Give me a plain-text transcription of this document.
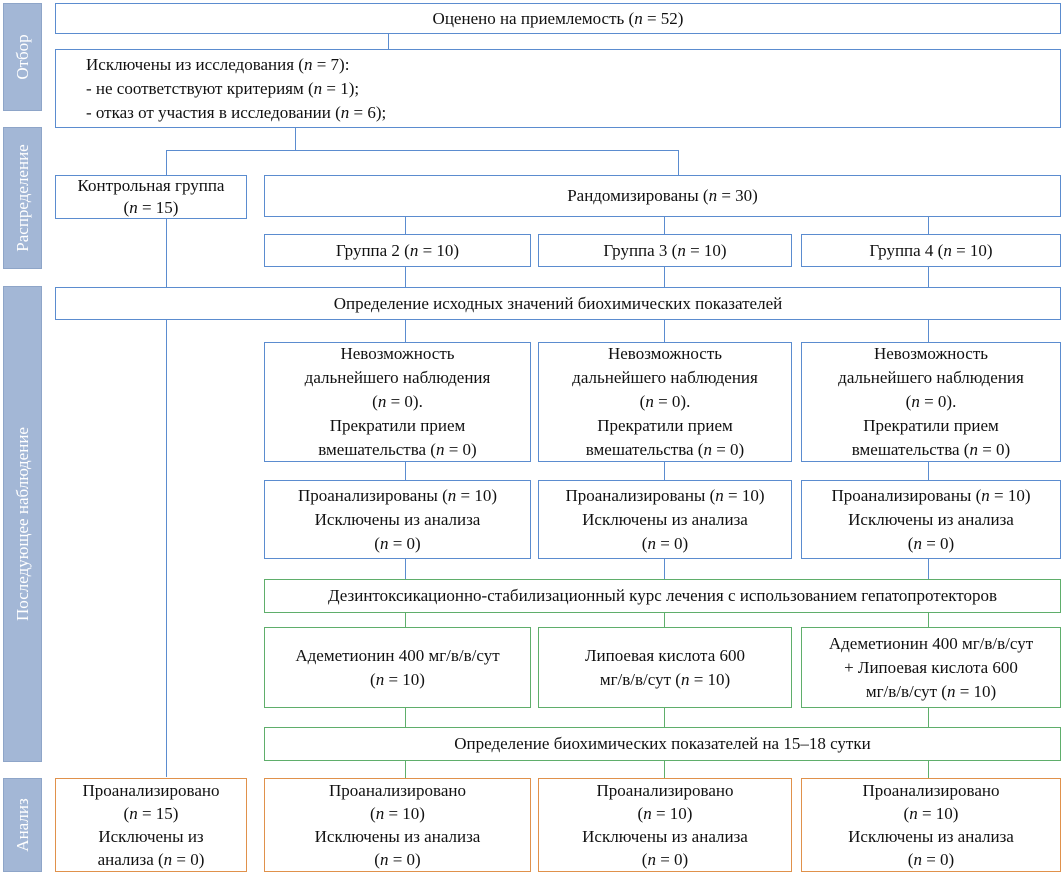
Отбор
Распределение
Последующее наблюдение
Анализ
Оценено на приемлемость (n = 52)
Исключены из исследования (n = 7):
- не соответствуют критериям (n = 1);
- отказ от участия в исследовании (n = 6);
Контрольная группа
(n = 15)
Рандомизированы (n = 30)
Группа 2 (n = 10)	Группа 3 (n = 10)	Группа 4 (n = 10)
Определение исходных значений биохимических показателей
Невозможность
дальнейшего наблюдения
(n = 0).
Прекратили прием
вмешательства (n = 0)
Невозможность
дальнейшего наблюдения
(n = 0).
Прекратили прием
вмешательства (n = 0)
Невозможность
дальнейшего наблюдения
(n = 0).
Прекратили прием
вмешательства (n = 0)
Проанализированы (n = 10)
Исключены из анализа
(n = 0)
Проанализированы (n = 10)
Исключены из анализа
(n = 0)
Проанализированы (n = 10)
Исключены из анализа
(n = 0)
Дезинтоксикационно-стабилизационный курс лечения с использованием гепатопротекторов
Адеметионин 400 мг/в/в/сут
(n = 10)
Липоевая кислота 600
мг/в/в/сут (n = 10)
Адеметионин 400 мг/в/в/сут
+ Липоевая кислота 600
мг/в/в/сут (n = 10)
Определение биохимических показателей на 15–18 сутки
Проанализировано
(n = 15)
Исключены из
анализа (n = 0)
Проанализировано
(n = 10)
Исключены из анализа
(n = 0)
Проанализировано
(n = 10)
Исключены из анализа
(n = 0)
Проанализировано
(n = 10)
Исключены из анализа
(n = 0)
